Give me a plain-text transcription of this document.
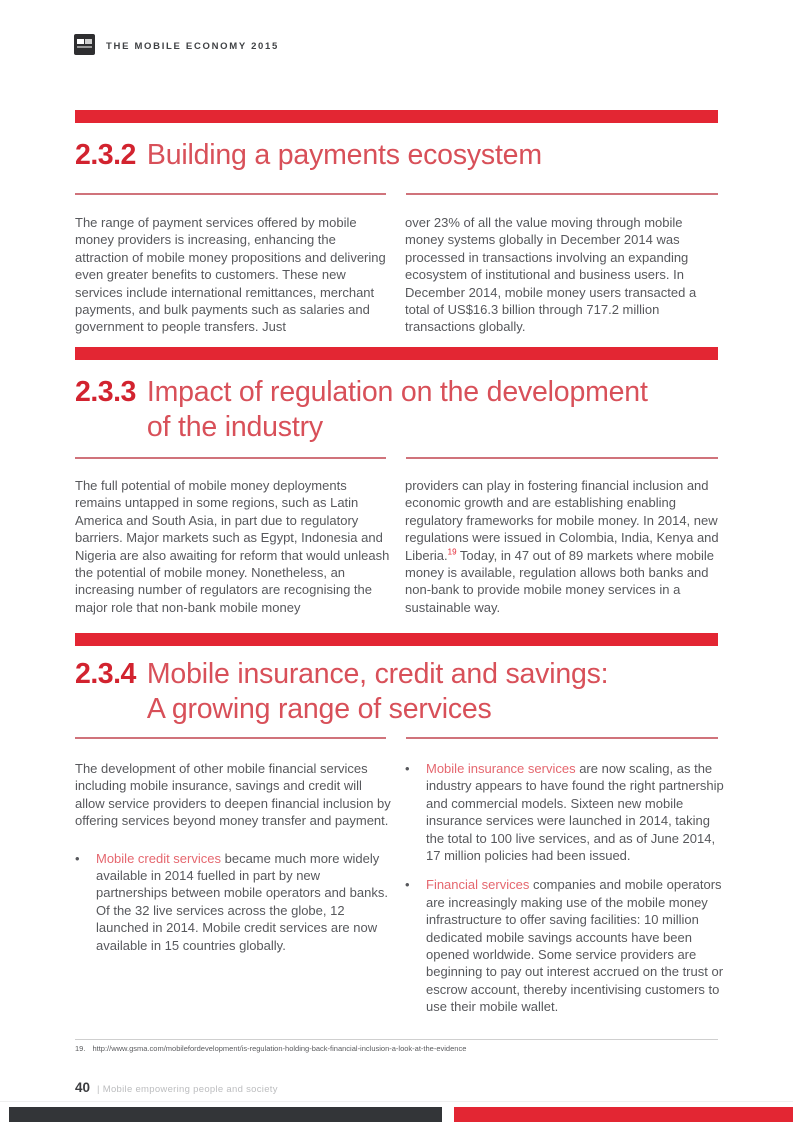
THE MOBILE ECONOMY 2015
2.3.2 Building a payments ecosystem
The range of payment services offered by mobile money providers is increasing, enhancing the attraction of mobile money propositions and delivering even greater benefits to customers. These new services include international remittances, merchant payments, and bulk payments such as salaries and government to people transfers. Just
over 23% of all the value moving through mobile money systems globally in December 2014 was processed in transactions involving an expanding ecosystem of institutional and business users. In December 2014, mobile money users transacted a total of US$16.3 billion through 717.2 million transactions globally.
2.3.3 Impact of regulation on the development
of the industry
The full potential of mobile money deployments remains untapped in some regions, such as Latin America and South Asia, in part due to regulatory barriers. Major markets such as Egypt, Indonesia and Nigeria are also awaiting for reform that would unleash the potential of mobile money. Nonetheless, an increasing number of regulators are recognising the major role that non-bank mobile money
providers can play in fostering financial inclusion and economic growth and are establishing enabling regulatory frameworks for mobile money. In 2014, new regulations were issued in Colombia, India, Kenya and Liberia.$^{19}$ Today, in 47 out of 89 markets where mobile money is available, regulation allows both banks and non-bank to provide mobile money services in a sustainable way.
2.3.4 Mobile insurance, credit and savings:
A growing range of services
The development of other mobile financial services including mobile insurance, savings and credit will allow service providers to deepen financial inclusion by offering services beyond money transfer and payment.
•	Mobile credit services became much more widely available in 2014 fuelled in part by new partnerships between mobile operators and banks. Of the 32 live services across the globe, 12 launched in 2014. Mobile credit services are now available in 15 countries globally.
•	Mobile insurance services are now scaling, as the industry appears to have found the right partnership and commercial models. Sixteen new mobile insurance services were launched in 2014, taking the total to 100 live services, and as of June 2014, 17 million policies had been issued.
•	Financial services companies and mobile operators are increasingly making use of the mobile money infrastructure to offer saving facilities: 10 million dedicated mobile savings accounts have been opened worldwide. Some service providers are beginning to pay out interest accrued on the trust or escrow account, thereby incentivising customers to use their mobile wallet.
19. http://www.gsma.com/mobilefordevelopment/is-regulation-holding-back-financial-inclusion-a-look-at-the-evidence
40 | Mobile empowering people and society
